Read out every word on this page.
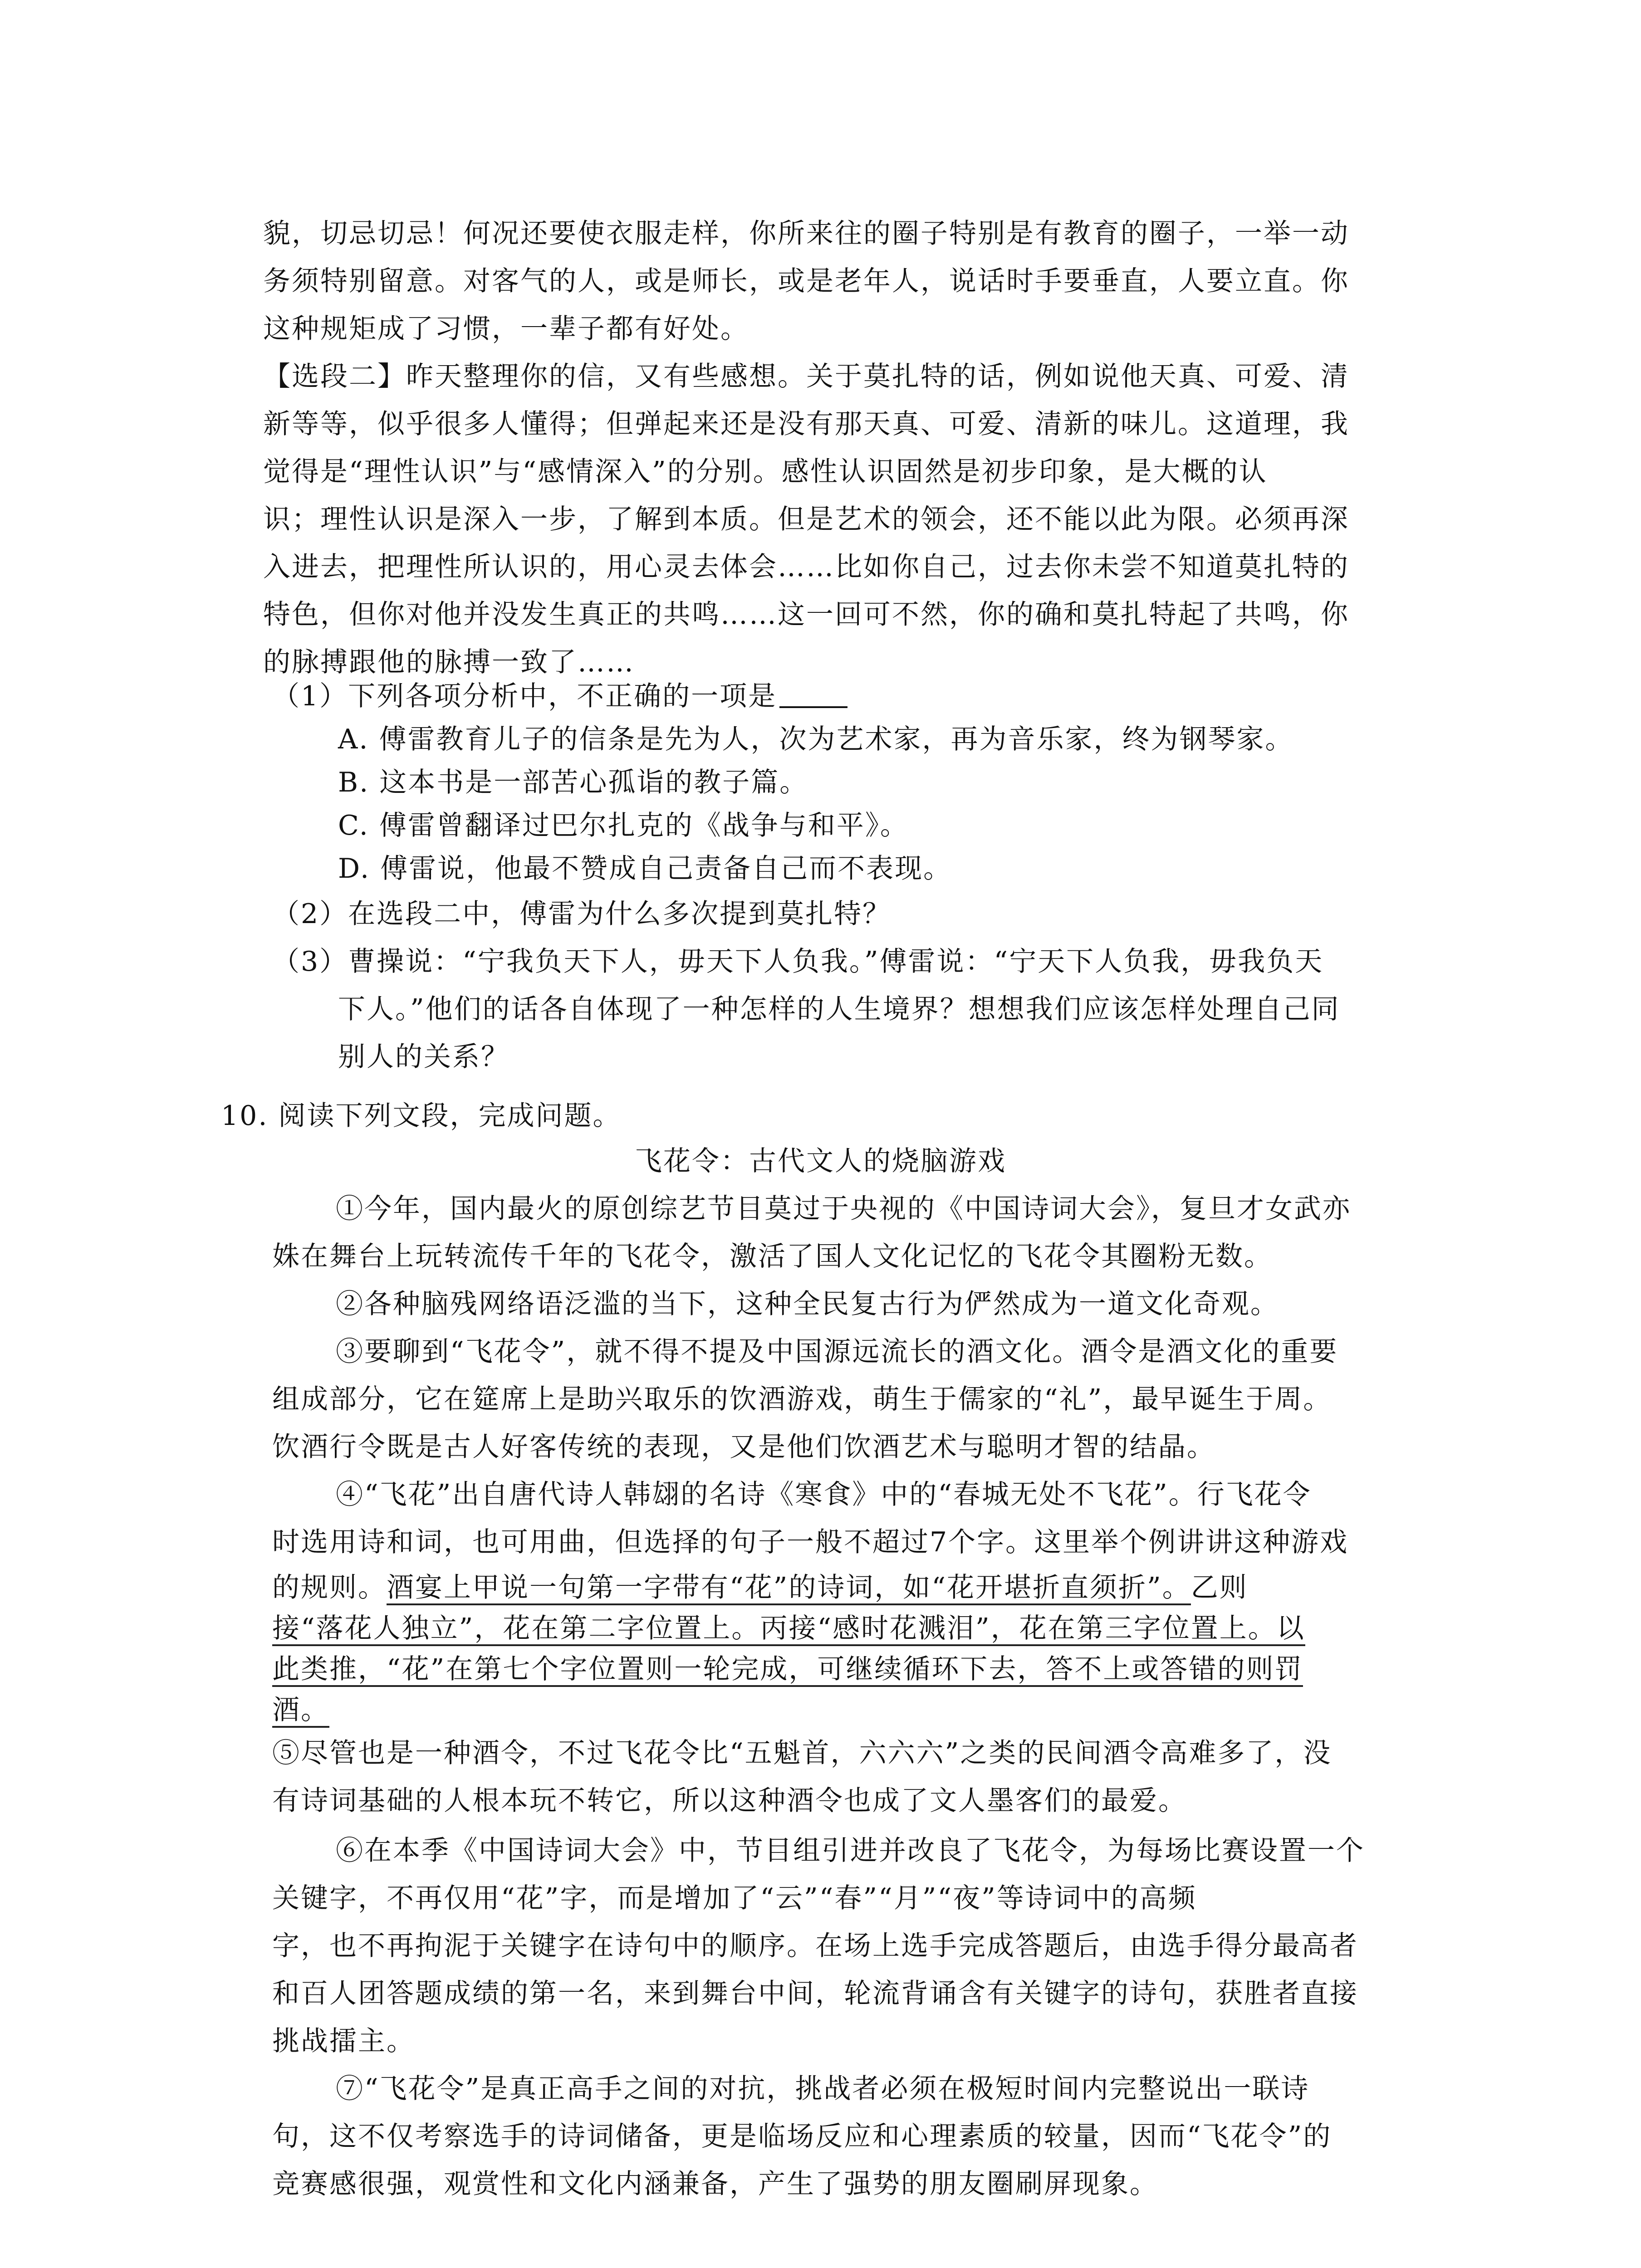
貌，切忌切忌！何况还要使衣服走样，你所来往的圈子特别是有教育的圈子，一举一动
务须特别留意。对客气的人，或是师长，或是老年人，说话时手要垂直，人要立直。你
这种规矩成了习惯，一辈子都有好处。
【选段二】昨天整理你的信，又有些感想。关于莫扎特的话，例如说他天真、可爱、清
新等等，似乎很多人懂得；但弹起来还是没有那天真、可爱、清新的味儿。这道理，我
觉得是“理性认识”与“感情深入”的分别。感性认识固然是初步印象，是大概的认
识；理性认识是深入一步，了解到本质。但是艺术的领会，还不能以此为限。必须再深
入进去，把理性所认识的，用心灵去体会……比如你自己，过去你未尝不知道莫扎特的
特色，但你对他并没发生真正的共鸣……这一回可不然，你的确和莫扎特起了共鸣，你
的脉搏跟他的脉搏一致了……
（1）下列各项分析中，不正确的一项是
A. 傅雷教育儿子的信条是先为人，次为艺术家，再为音乐家，终为钢琴家。
B. 这本书是一部苦心孤诣的教子篇。
C. 傅雷曾翻译过巴尔扎克的《战争与和平》。
D. 傅雷说，他最不赞成自己责备自己而不表现。
（2）在选段二中，傅雷为什么多次提到莫扎特？
（3）曹操说：“宁我负天下人，毋天下人负我。”傅雷说：“宁天下人负我，毋我负天
下人。”他们的话各自体现了一种怎样的人生境界？想想我们应该怎样处理自己同
别人的关系？
10. 阅读下列文段，完成问题。
飞花令：古代文人的烧脑游戏
①今年，国内最火的原创综艺节目莫过于央视的《中国诗词大会》，复旦才女武亦
姝在舞台上玩转流传千年的飞花令，激活了国人文化记忆的飞花令其圈粉无数。
②各种脑残网络语泛滥的当下，这种全民复古行为俨然成为一道文化奇观。
③要聊到“飞花令”，就不得不提及中国源远流长的酒文化。酒令是酒文化的重要
组成部分，它在筵席上是助兴取乐的饮酒游戏，萌生于儒家的“礼”，最早诞生于周。
饮酒行令既是古人好客传统的表现，又是他们饮酒艺术与聪明才智的结晶。
④“飞花”出自唐代诗人韩翃的名诗《寒食》中的“春城无处不飞花”。行飞花令
时选用诗和词，也可用曲，但选择的句子一般不超过7个字。这里举个例讲讲这种游戏
的规则。酒宴上甲说一句第一字带有“花”的诗词，如“花开堪折直须折”。乙则
接“落花人独立”，花在第二字位置上。丙接“感时花溅泪”，花在第三字位置上。以
此类推，“花”在第七个字位置则一轮完成，可继续循环下去，答不上或答错的则罚
酒。
⑤尽管也是一种酒令，不过飞花令比“五魁首，六六六”之类的民间酒令高难多了，没
有诗词基础的人根本玩不转它，所以这种酒令也成了文人墨客们的最爱。
⑥在本季《中国诗词大会》中，节目组引进并改良了飞花令，为每场比赛设置一个
关键字，不再仅用“花”字，而是增加了“云”“春”“月”“夜”等诗词中的高频
字，也不再拘泥于关键字在诗句中的顺序。在场上选手完成答题后，由选手得分最高者
和百人团答题成绩的第一名，来到舞台中间，轮流背诵含有关键字的诗句，获胜者直接
挑战擂主。
⑦“飞花令”是真正高手之间的对抗，挑战者必须在极短时间内完整说出一联诗
句，这不仅考察选手的诗词储备，更是临场反应和心理素质的较量，因而“飞花令”的
竞赛感很强，观赏性和文化内涵兼备，产生了强势的朋友圈刷屏现象。
